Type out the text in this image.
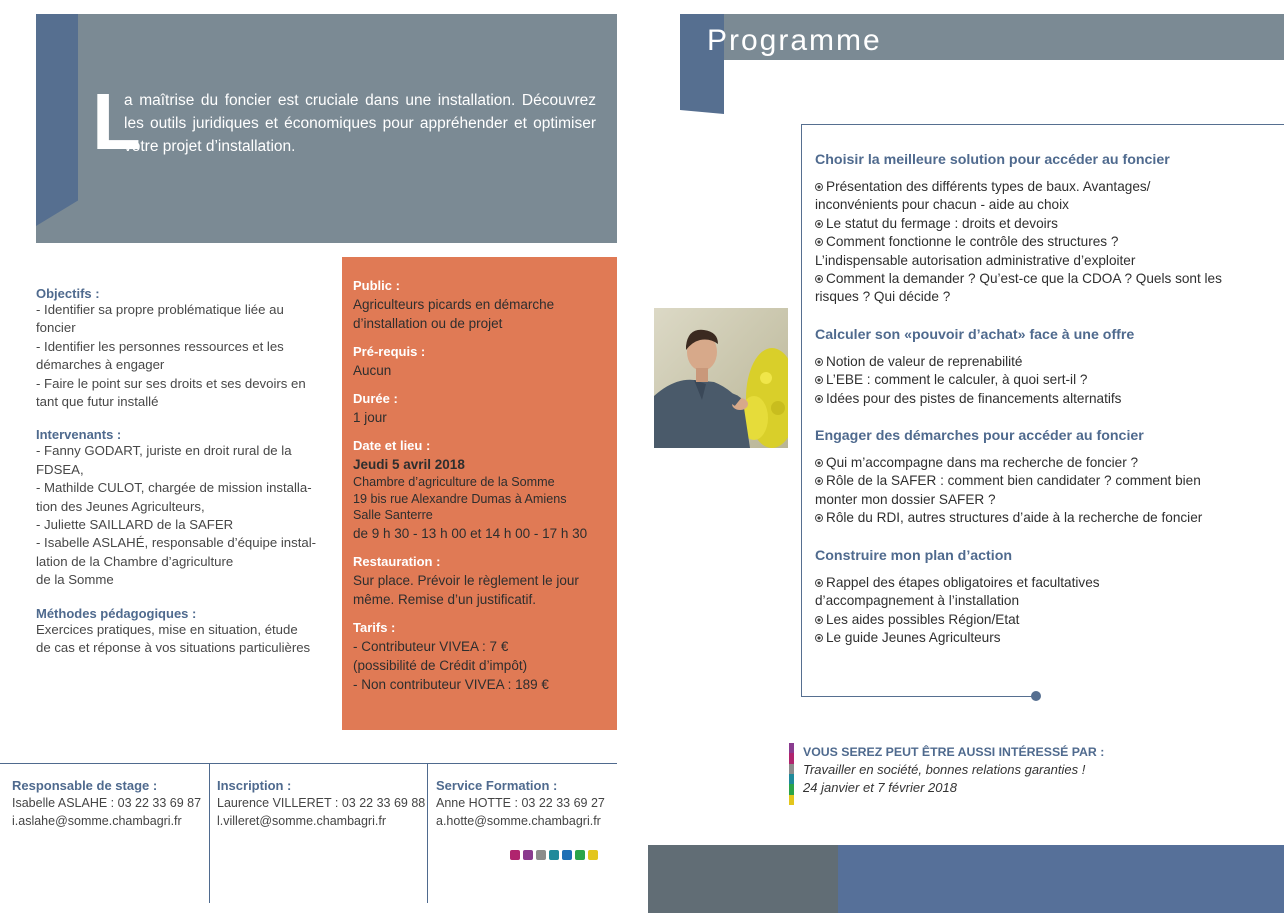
L
a maîtrise du foncier est cruciale dans une installation. Découvrez les outils juridiques et économiques pour appréhender et optimiser votre projet d’installation.
Objectifs :
- Identifier sa propre problématique liée au
foncier
- Identifier les personnes ressources et les
démarches à engager
- Faire le point sur ses droits et ses devoirs en
tant que futur installé
Intervenants :
- Fanny GODART, juriste en droit rural de la
FDSEA,
- Mathilde CULOT, chargée de mission installa-
tion des Jeunes Agriculteurs,
- Juliette SAILLARD de la SAFER
- Isabelle ASLAHÉ, responsable d’équipe instal-
lation de la Chambre d’agriculture
de la Somme
Méthodes pédagogiques :
Exercices pratiques, mise en situation, étude
de cas et réponse à vos situations particulières
Public :
Agriculteurs picards en démarche d’installation ou de projet
Pré-requis :
Aucun
Durée :
1 jour
Date et lieu :
Jeudi 5 avril 2018
Chambre d’agriculture de la Somme
19 bis rue Alexandre Dumas à Amiens
Salle Santerre
de 9 h 30 - 13 h 00 et 14 h 00 - 17 h 30
Restauration :
Sur place. Prévoir le règlement le jour même. Remise d’un justificatif.
Tarifs :
- Contributeur VIVEA : 7 €
(possibilité de Crédit d’impôt)
- Non contributeur VIVEA : 189 €
Responsable de stage :
Isabelle ASLAHE : 03 22 33 69 87
i.aslahe@somme.chambagri.fr
Inscription :
Laurence VILLERET : 03 22 33 69 88
l.villeret@somme.chambagri.fr
Service Formation :
Anne HOTTE : 03 22 33 69 27
a.hotte@somme.chambagri.fr
Programme
Choisir la meilleure solution pour accéder au foncier
Présentation des différents types de baux. Avantages/
inconvénients pour chacun - aide au choix
Le statut du fermage : droits et devoirs
Comment fonctionne le contrôle des structures ?
L’indispensable autorisation administrative d’exploiter
Comment la demander ? Qu’est-ce que la CDOA ? Quels sont les
risques ? Qui décide ?
Calculer son «pouvoir d’achat» face à une offre
Notion de valeur de reprenabilité
L’EBE : comment le calculer, à quoi sert-il ?
Idées pour des pistes de financements alternatifs
Engager des démarches pour accéder au foncier
Qui m’accompagne dans ma recherche de foncier ?
Rôle de la SAFER : comment bien candidater ? comment bien
monter mon dossier SAFER ?
Rôle du RDI, autres structures d’aide à la recherche de foncier
Construire mon plan d’action
Rappel des étapes obligatoires et facultatives
d’accompagnement à l’installation
Les aides possibles Région/Etat
Le guide Jeunes Agriculteurs
VOUS SEREZ PEUT ÊTRE AUSSI INTÉRESSÉ PAR :
Travailler en société, bonnes relations garanties !
24 janvier et 7 février 2018
